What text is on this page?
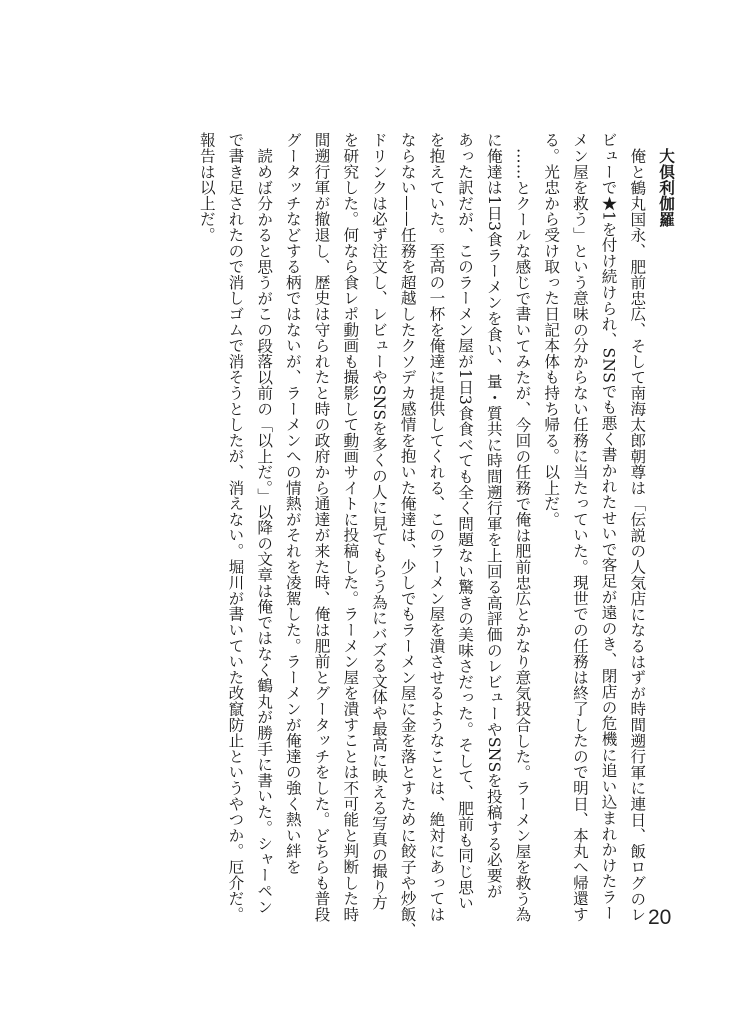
大倶利伽羅
俺と鶴丸国永、肥前忠広、そして南海太郎朝尊は「伝説の人気店になるはずが時間遡行軍に連日、飯ログのレ
ビューで★1を付け続けられ、SNSでも悪く書かれたせいで客足が遠のき、閉店の危機に追い込まれかけたラー
メン屋を救う」という意味の分からない任務に当たっていた。現世での任務は終了したので明日、本丸へ帰還す
る。光忠から受け取った日記本体も持ち帰る。以上だ。
……とクールな感じで書いてみたが、今回の任務で俺は肥前忠広とかなり意気投合した。ラーメン屋を救う為
に俺達は1日3食ラーメンを食い、量・質共に時間遡行軍を上回る高評価のレビューやSNSを投稿する必要が
あった訳だが、このラーメン屋が1日3食食べても全く問題ない驚きの美味さだった。そして、肥前も同じ思い
を抱えていた。至高の一杯を俺達に提供してくれる、このラーメン屋を潰させるようなことは、絶対にあっては
ならない——任務を超越したクソデカ感情を抱いた俺達は、少しでもラーメン屋に金を落とすために餃子や炒飯、
ドリンクは必ず注文し、レビューやSNSを多くの人に見てもらう為にバズる文体や最高に映える写真の撮り方
を研究した。何なら食レポ動画も撮影して動画サイトに投稿した。ラーメン屋を潰すことは不可能と判断した時
間遡行軍が撤退し、歴史は守られたと時の政府から通達が来た時、俺は肥前とグータッチをした。どちらも普段
グータッチなどする柄ではないが、ラーメンへの情熱がそれを凌駕した。ラーメンが俺達の強く熱い絆を
読めば分かると思うがこの段落以前の「以上だ。」以降の文章は俺ではなく鶴丸が勝手に書いた。シャーペン
で書き足されたので消しゴムで消そうとしたが、消えない。堀川が書いていた改竄防止というやつか。厄介だ。
報告は以上だ。
20
